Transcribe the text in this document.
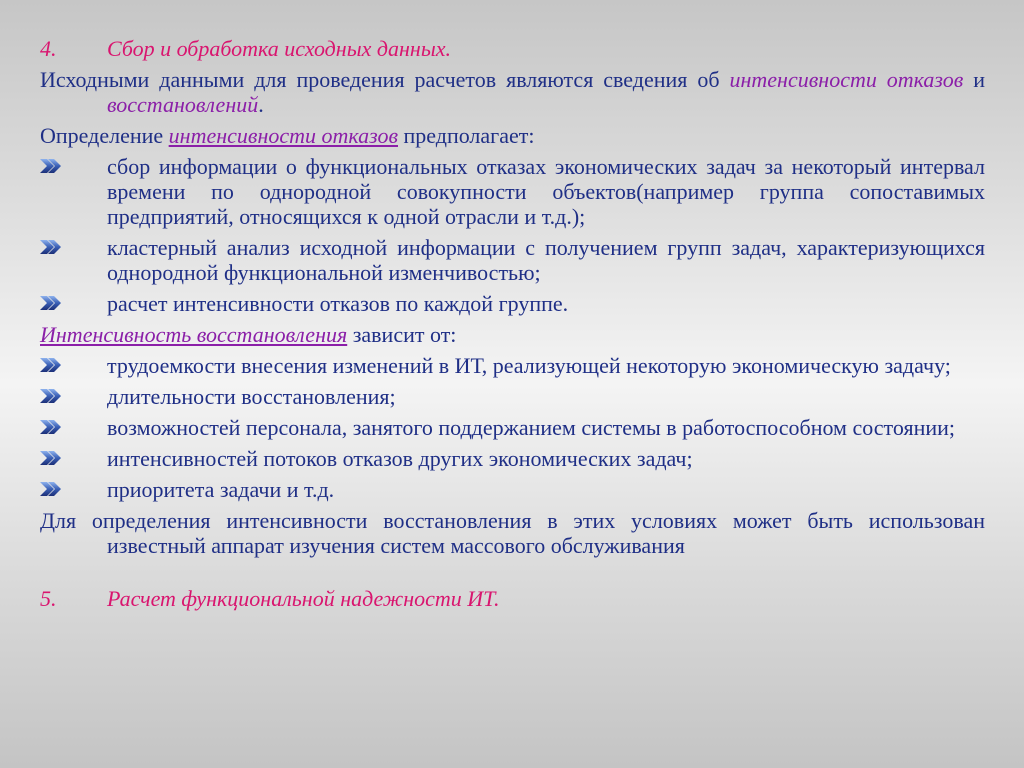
4.	Сбор и обработка исходных данных.

Исходными данными для проведения расчетов являются сведения об интенсивности отказов и восстановлений.

Определение интенсивности отказов предполагает:

сбор информации о функциональных отказах экономических задач за некоторый интервал времени по однородной совокупности объектов(например группа сопоставимых предприятий, относящихся к одной отрасли и т.д.);
кластерный анализ исходной информации с получением групп задач, характеризующихся однородной функциональной изменчивостью;
расчет интенсивности отказов по каждой группе.

Интенсивность восстановления зависит от:

трудоемкости внесения изменений в ИТ, реализующей некоторую экономическую задачу;
длительности восстановления;
возможностей персонала, занятого поддержанием системы в работоспособном состоянии;
интенсивностей потоков отказов других экономических задач;
приоритета задачи и т.д.

Для определения интенсивности восстановления в этих условиях может быть использован известный аппарат изучения систем массового обслуживания

5.	Расчет функциональной надежности ИТ.
